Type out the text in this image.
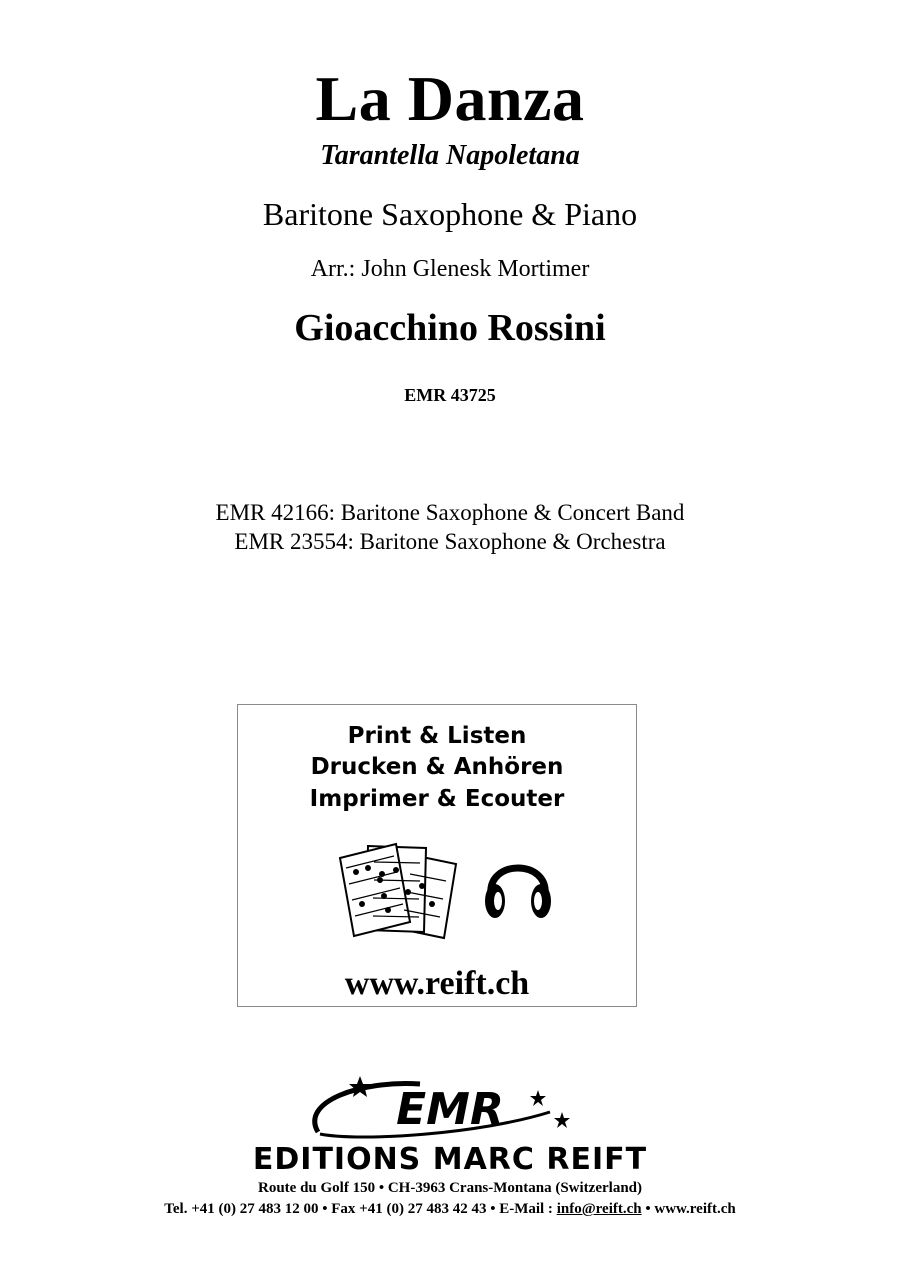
La Danza
Tarantella Napoletana
Baritone Saxophone & Piano
Arr.: John Glenesk Mortimer
Gioacchino Rossini
EMR 43725
EMR 42166: Baritone Saxophone & Concert Band
EMR 23554: Baritone Saxophone & Orchestra
Print & Listen
Drucken & Anhören
Imprimer & Ecouter
www.reift.ch
EMR
EDITIONS MARC REIFT
Route du Golf 150 • CH-3963 Crans-Montana (Switzerland)
Tel. +41 (0) 27 483 12 00 • Fax +41 (0) 27 483 42 43 • E-Mail : info@reift.ch • www.reift.ch
